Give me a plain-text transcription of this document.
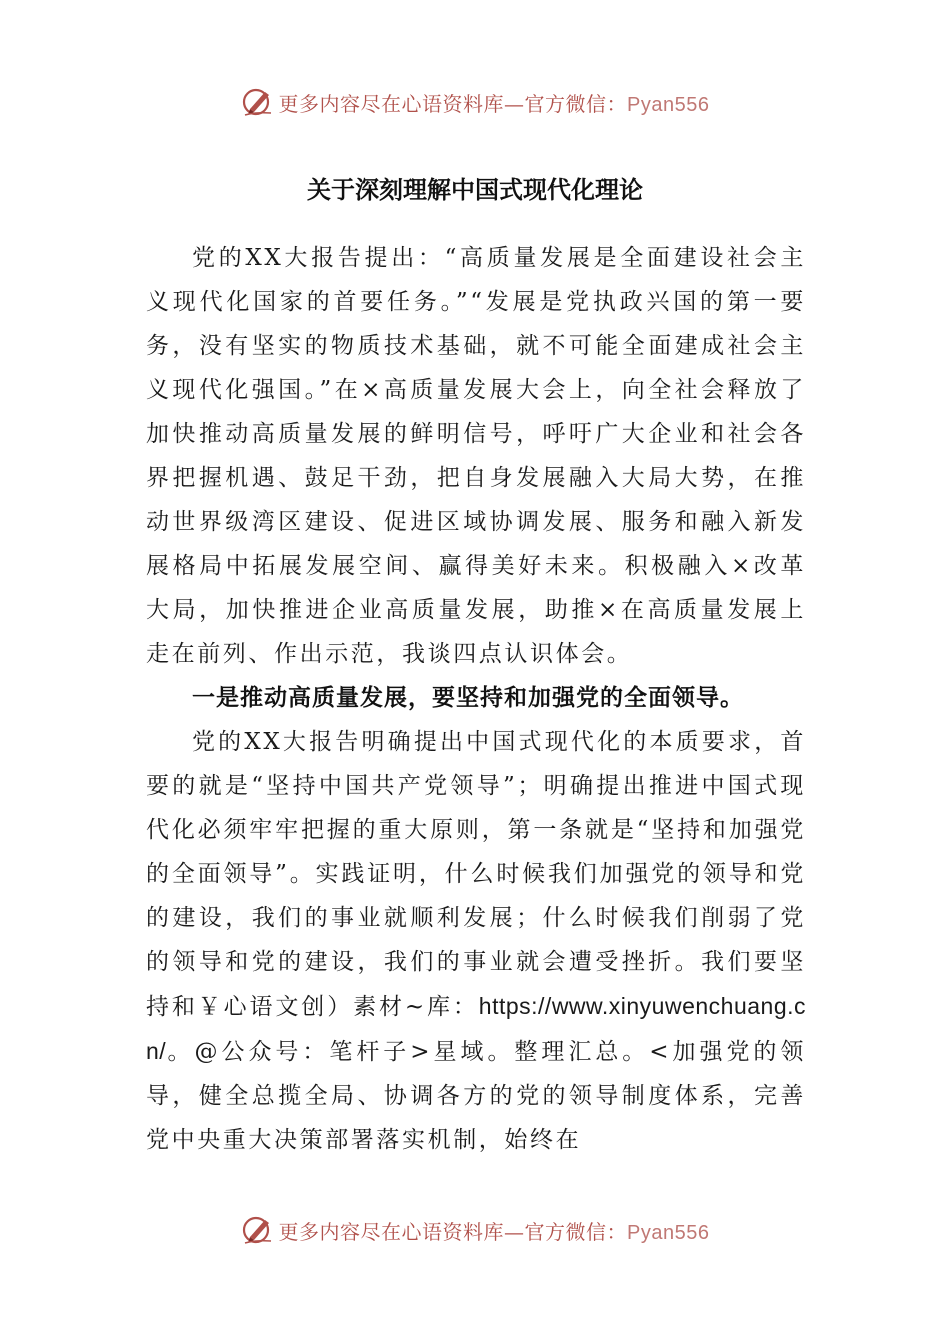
更多内容尽在心语资料库—官方微信：Pyan556
关于深刻理解中国式现代化理论

党的XX大报告提出：“高质量发展是全面建设社会主义现代化国家的首要任务。”“发展是党执政兴国的第一要务，没有坚实的物质技术基础，就不可能全面建成社会主义现代化强国。”在×高质量发展大会上，向全社会释放了加快推动高质量发展的鲜明信号，呼吁广大企业和社会各界把握机遇、鼓足干劲，把自身发展融入大局大势，在推动世界级湾区建设、促进区域协调发展、服务和融入新发展格局中拓展发展空间、赢得美好未来。积极融入×改革大局，加快推进企业高质量发展，助推×在高质量发展上走在前列、作出示范，我谈四点认识体会。

一是推动高质量发展，要坚持和加强党的全面领导。

党的XX大报告明确提出中国式现代化的本质要求，首要的就是“坚持中国共产党领导”；明确提出推进中国式现代化必须牢牢把握的重大原则，第一条就是“坚持和加强党的全面领导”。实践证明，什么时候我们加强党的领导和党的建设，我们的事业就顺利发展；什么时候我们削弱了党的领导和党的建设，我们的事业就会遭受挫折。我们要坚持和￥心语文创）素材~库：https://www.xinyuwenchuang.cn/。@公众号：笔杆子>星域。整理汇总。<加强党的领导，健全总揽全局、协调各方的党的领导制度体系，完善党中央重大决策部署落实机制，始终在

更多内容尽在心语资料库—官方微信：Pyan556
